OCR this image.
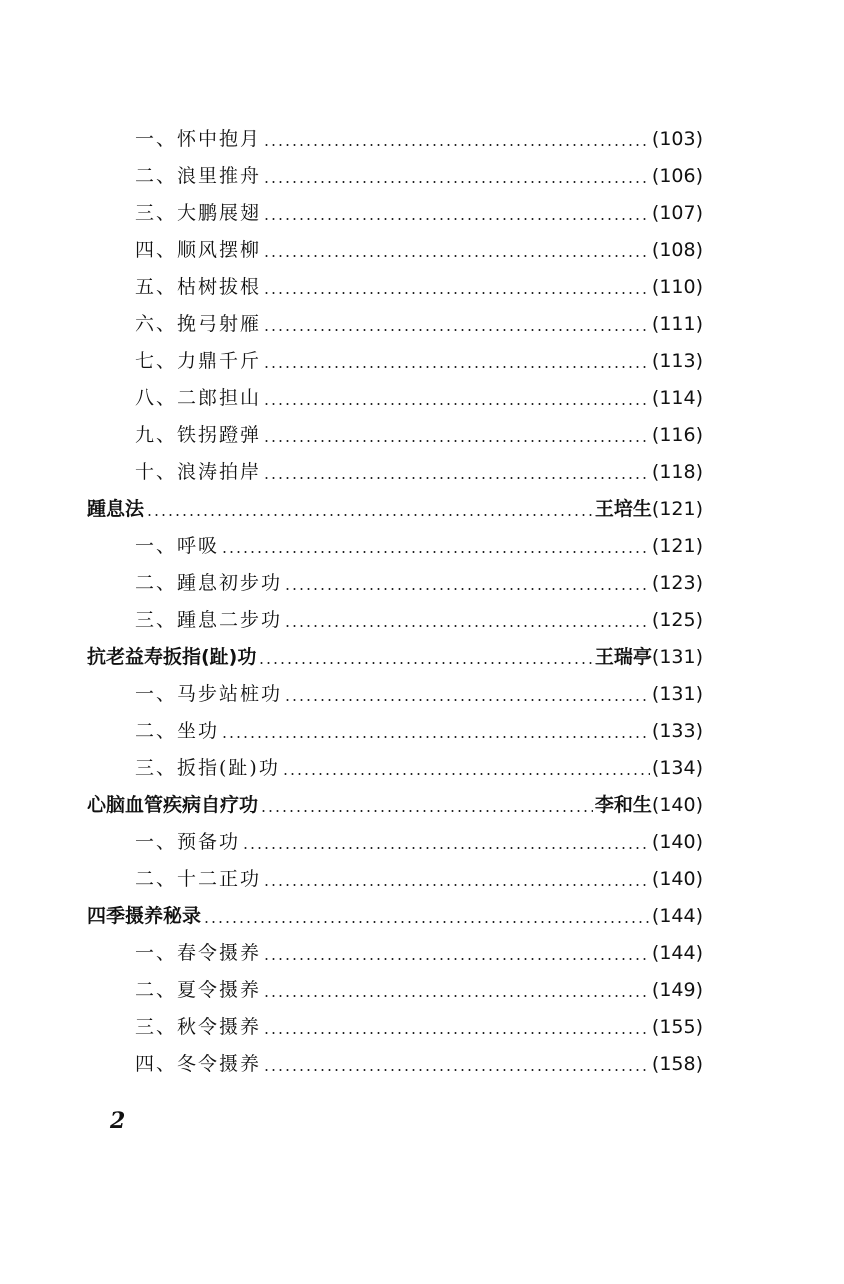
一、怀中抱月	(103)
二、浪里推舟	(106)
三、大鹏展翅	(107)
四、顺风摆柳	(108)
五、枯树拔根	(110)
六、挽弓射雁	(111)
七、力鼎千斤	(113)
八、二郎担山	(114)
九、铁拐蹬弹	(116)
十、浪涛拍岸	(118)
踵息法	王培生 (121)
一、呼吸	(121)
二、踵息初步功	(123)
三、踵息二步功	(125)
抗老益寿扳指(趾)功	王瑞亭 (131)
一、马步站桩功	(131)
二、坐功	(133)
三、扳指(趾)功	(134)
心脑血管疾病自疗功	李和生 (140)
一、预备功	(140)
二、十二正功	(140)
四季摄养秘录	(144)
一、春令摄养	(144)
二、夏令摄养	(149)
三、秋令摄养	(155)
四、冬令摄养	(158)
2
